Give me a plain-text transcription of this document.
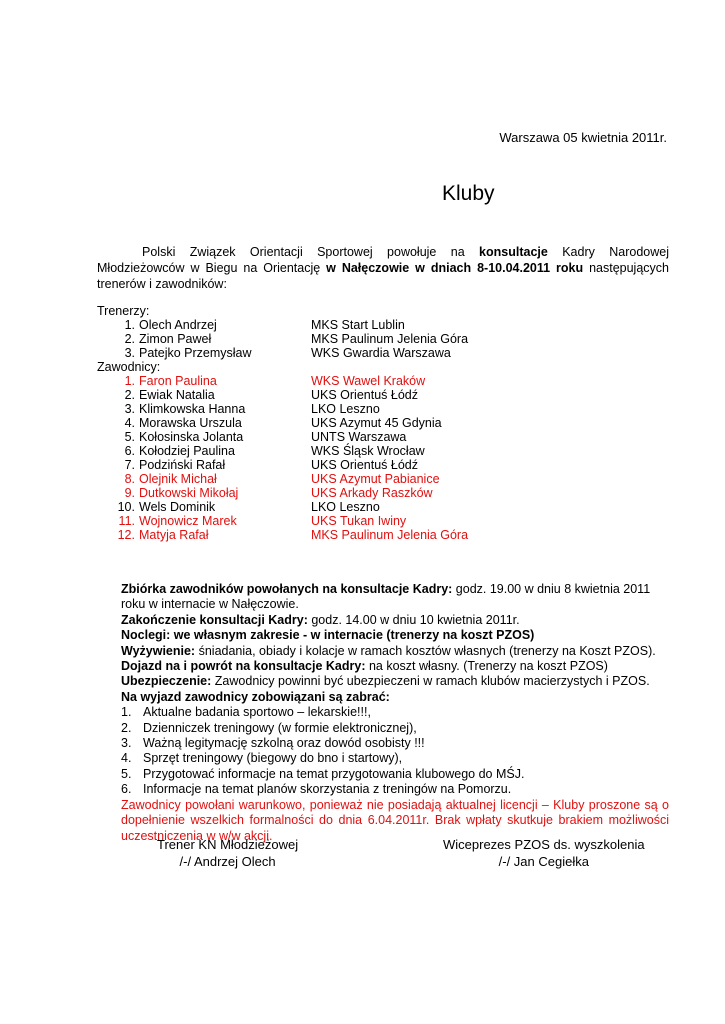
Warszawa 05 kwietnia 2011r.
Kluby
Polski Związek Orientacji Sportowej powołuje na konsultacje Kadry Narodowej Młodzieżowców w Biegu na Orientację w Nałęczowie w dniach 8-10.04.2011 roku następujących trenerów i zawodników:
Trenerzy:
1. Olech Andrzej	MKS Start Lublin
2. Zimon Paweł	MKS Paulinum Jelenia Góra
3. Patejko Przemysław	WKS Gwardia Warszawa
Zawodnicy:
1. Faron Paulina	WKS Wawel Kraków
2. Ewiak Natalia	UKS Orientuś Łódź
3. Klimkowska Hanna	LKO Leszno
4. Morawska Urszula	UKS Azymut 45 Gdynia
5. Kołosinska Jolanta	UNTS Warszawa
6. Kołodziej Paulina	WKS Śląsk Wrocław
7. Podziński Rafał	UKS Orientuś Łódź
8. Olejnik Michał	UKS Azymut Pabianice
9. Dutkowski Mikołaj	UKS Arkady Raszków
10. Wels Dominik	LKO Leszno
11. Wojnowicz Marek	UKS Tukan Iwiny
12. Matyja Rafał	MKS Paulinum Jelenia Góra
Zbiórka zawodników powołanych na konsultacje Kadry: godz. 19.00 w dniu 8 kwietnia 2011 roku w internacie w Nałęczowie.
Zakończenie konsultacji Kadry: godz. 14.00 w dniu 10 kwietnia 2011r.
Noclegi: we własnym zakresie - w internacie (trenerzy na koszt PZOS)
Wyżywienie: śniadania, obiady i kolacje w ramach kosztów własnych (trenerzy na Koszt PZOS).
Dojazd na i powrót na konsultacje Kadry: na koszt własny. (Trenerzy na koszt PZOS)
Ubezpieczenie: Zawodnicy powinni być ubezpieczeni w ramach klubów macierzystych i PZOS.
Na wyjazd zawodnicy zobowiązani są zabrać:
1. Aktualne badania sportowo – lekarskie!!!,
2. Dzienniczek treningowy (w formie elektronicznej),
3. Ważną legitymację szkolną oraz dowód osobisty !!!
4. Sprzęt treningowy (biegowy do bno i startowy),
5. Przygotować informacje na temat przygotowania klubowego do MŚJ.
6. Informacje na temat planów skorzystania z treningów na Pomorzu.
Zawodnicy powołani warunkowo, ponieważ nie posiadają aktualnej licencji – Kluby proszone są o dopełnienie wszelkich formalności do dnia 6.04.2011r. Brak wpłaty skutkuje brakiem możliwości uczestniczenia w w/w akcji.
Trener KN Młodzieżowej
/-/ Andrzej Olech
Wiceprezes PZOS ds. wyszkolenia
/-/ Jan Cegiełka
